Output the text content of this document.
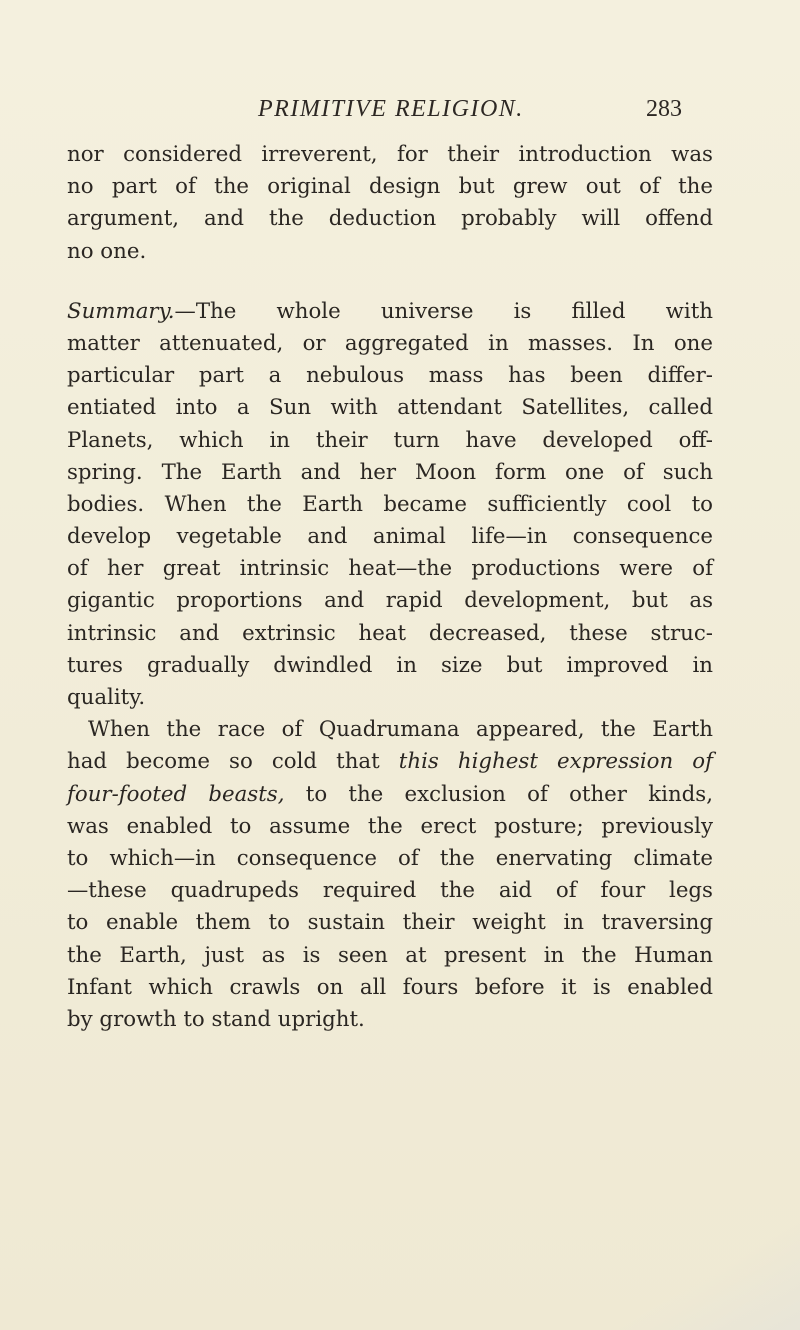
PRIMITIVE RELIGION.	283
nor considered irreverent, for their introduction was
no part of the original design but grew out of the
argument, and the deduction probably will offend
no one.
Summary.—The whole universe is filled with
matter attenuated, or aggregated in masses. In one
particular part a nebulous mass has been differ-
entiated into a Sun with attendant Satellites, called
Planets, which in their turn have developed off-
spring. The Earth and her Moon form one of such
bodies. When the Earth became sufficiently cool to
develop vegetable and animal life—in consequence
of her great intrinsic heat—the productions were of
gigantic proportions and rapid development, but as
intrinsic and extrinsic heat decreased, these struc-
tures gradually dwindled in size but improved in
quality.
When the race of Quadrumana appeared, the Earth
had become so cold that this highest expression of
four-footed beasts, to the exclusion of other kinds,
was enabled to assume the erect posture; previously
to which—in consequence of the enervating climate
—these quadrupeds required the aid of four legs
to enable them to sustain their weight in traversing
the Earth, just as is seen at present in the Human
Infant which crawls on all fours before it is enabled
by growth to stand upright.
